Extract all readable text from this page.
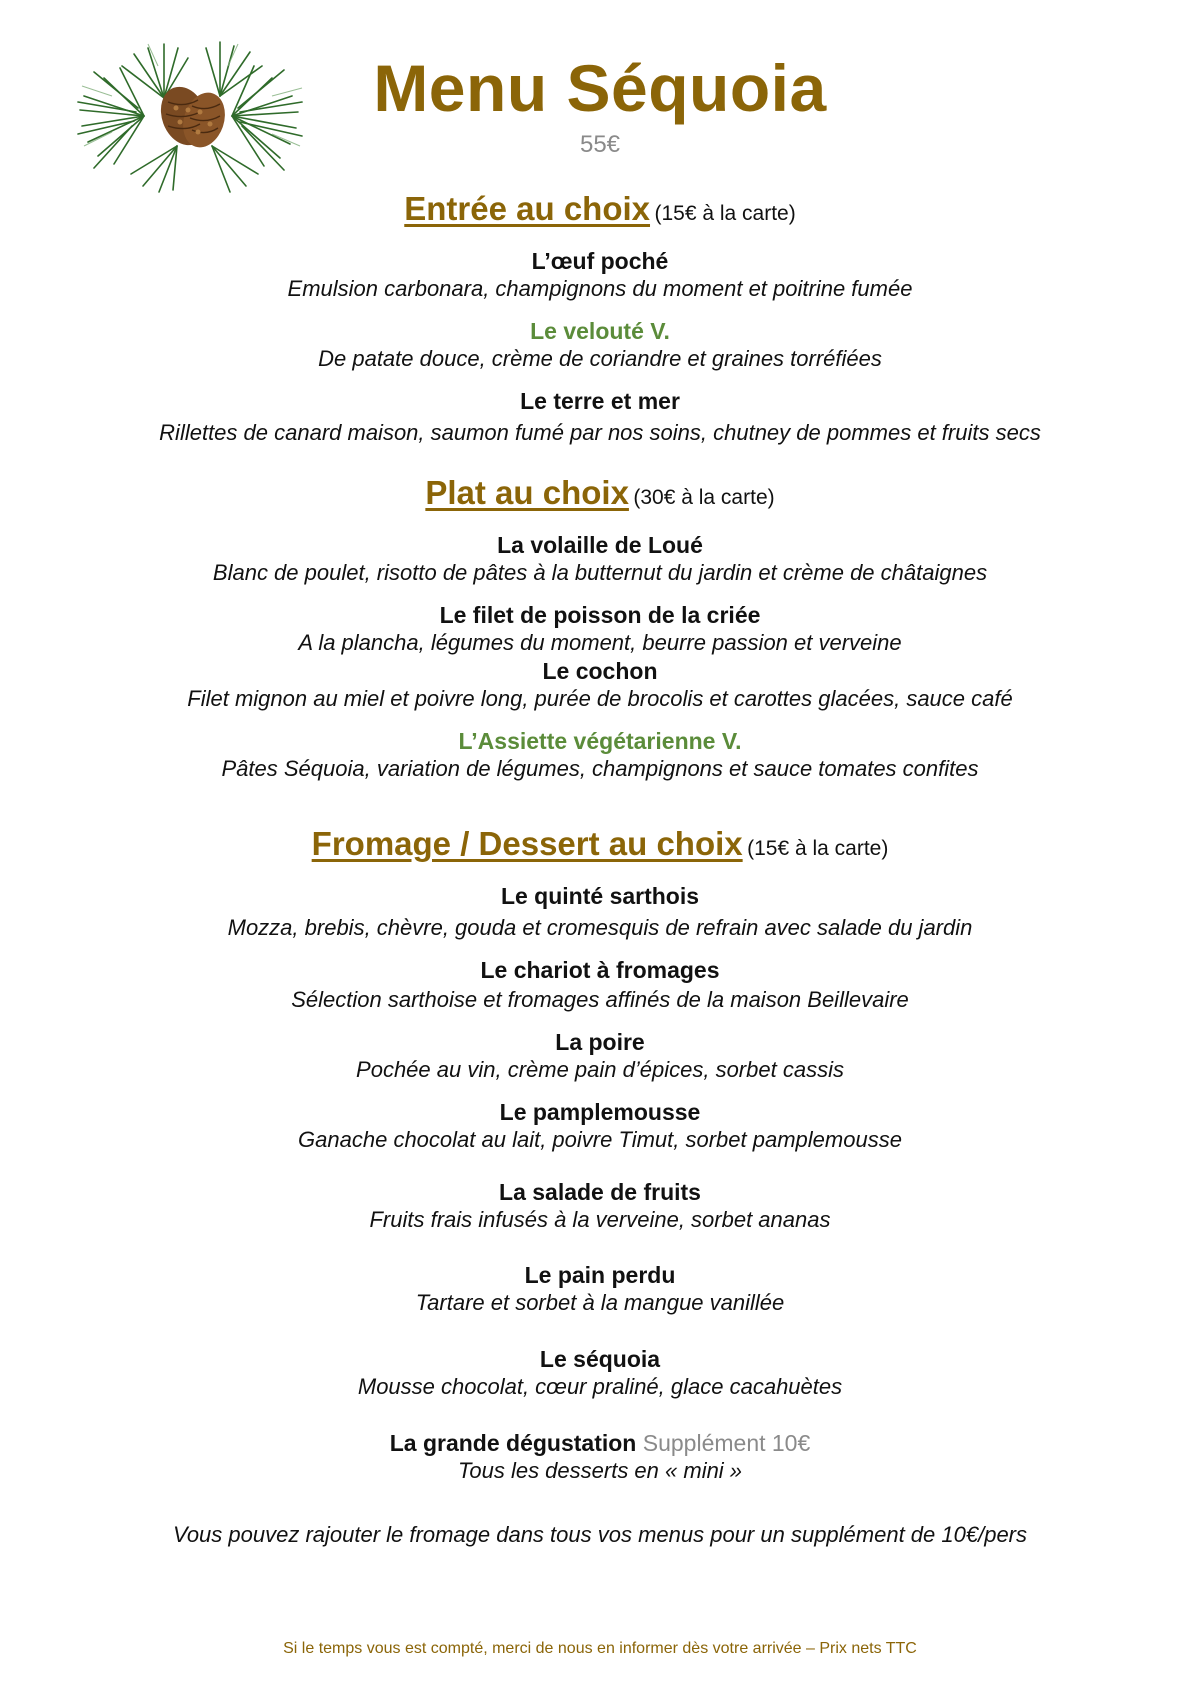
Menu Séquoia
55€
Entrée au choix (15€ à la carte)
L’œuf poché
Emulsion carbonara, champignons du moment et poitrine fumée
Le velouté V.
De patate douce, crème de coriandre et graines torréfiées
Le terre et mer
Rillettes de canard maison, saumon fumé par nos soins, chutney de pommes et fruits secs
Plat au choix (30€ à la carte)
La volaille de Loué
Blanc de poulet, risotto de pâtes à la butternut du jardin et crème de châtaignes
Le filet de poisson de la criée
A la plancha, légumes du moment, beurre passion et verveine
Le cochon
Filet mignon au miel et poivre long, purée de brocolis et carottes glacées, sauce café
L’Assiette végétarienne V.
Pâtes Séquoia, variation de légumes, champignons et sauce tomates confites
Fromage / Dessert au choix (15€ à la carte)
Le quinté sarthois
Mozza, brebis, chèvre, gouda et cromesquis de refrain avec salade du jardin
Le chariot à fromages
Sélection sarthoise et fromages affinés de la maison Beillevaire
La poire
Pochée au vin, crème pain d’épices, sorbet cassis
Le pamplemousse
Ganache chocolat au lait, poivre Timut, sorbet pamplemousse
La salade de fruits
Fruits frais infusés à la verveine, sorbet ananas
Le pain perdu
Tartare et sorbet à la mangue vanillée
Le séquoia
Mousse chocolat, cœur praliné, glace cacahuètes
La grande dégustation Supplément 10€
Tous les desserts en « mini »
Vous pouvez rajouter le fromage dans tous vos menus pour un supplément de 10€/pers
Si le temps vous est compté, merci de nous en informer dès votre arrivée – Prix nets TTC
